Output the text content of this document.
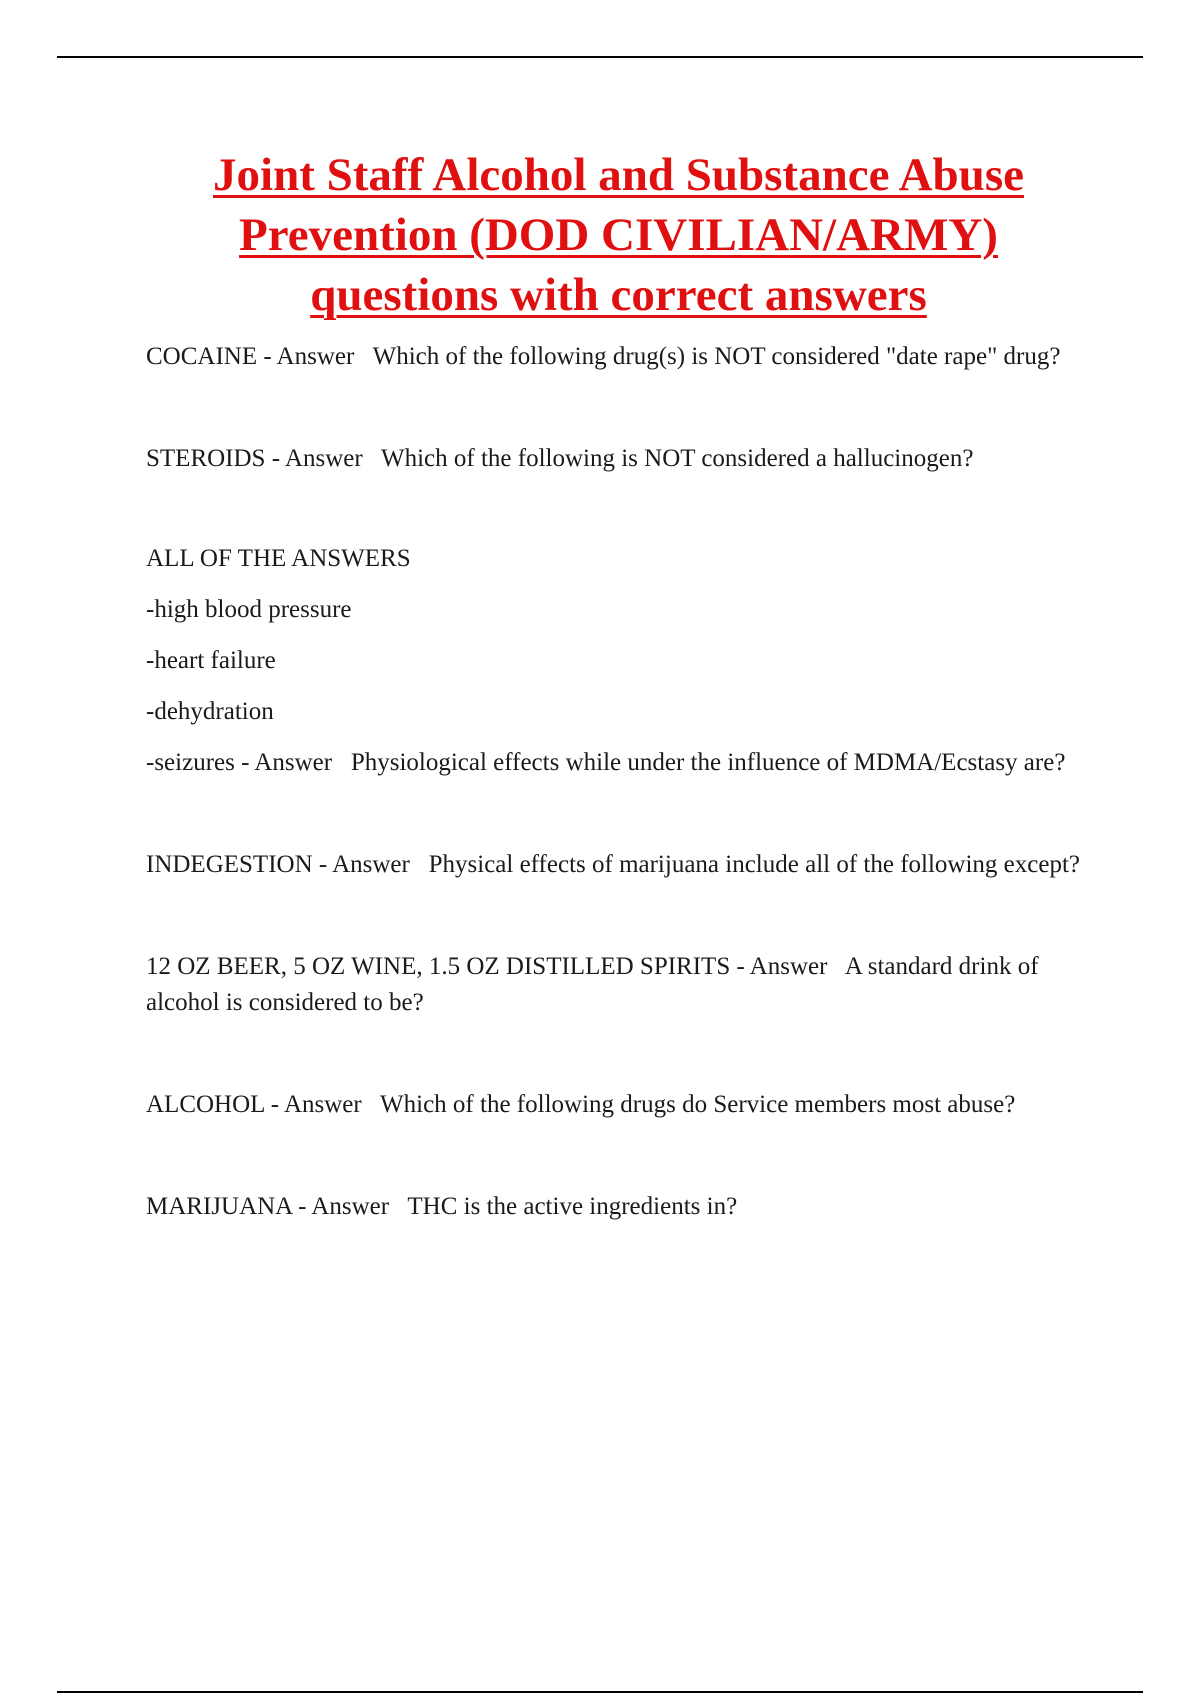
Joint Staff Alcohol and Substance Abuse
Prevention (DOD CIVILIAN/ARMY)
questions with correct answers

COCAINE - Answer Which of the following drug(s) is NOT considered "date rape" drug?

STEROIDS - Answer Which of the following is NOT considered a hallucinogen?

ALL OF THE ANSWERS

-high blood pressure

-heart failure

-dehydration

-seizures - Answer Physiological effects while under the influence of MDMA/Ecstasy are?

INDEGESTION - Answer Physical effects of marijuana include all of the following except?

12 OZ BEER, 5 OZ WINE, 1.5 OZ DISTILLED SPIRITS - Answer A standard drink of alcohol is considered to be?

ALCOHOL - Answer Which of the following drugs do Service members most abuse?

MARIJUANA - Answer THC is the active ingredients in?
